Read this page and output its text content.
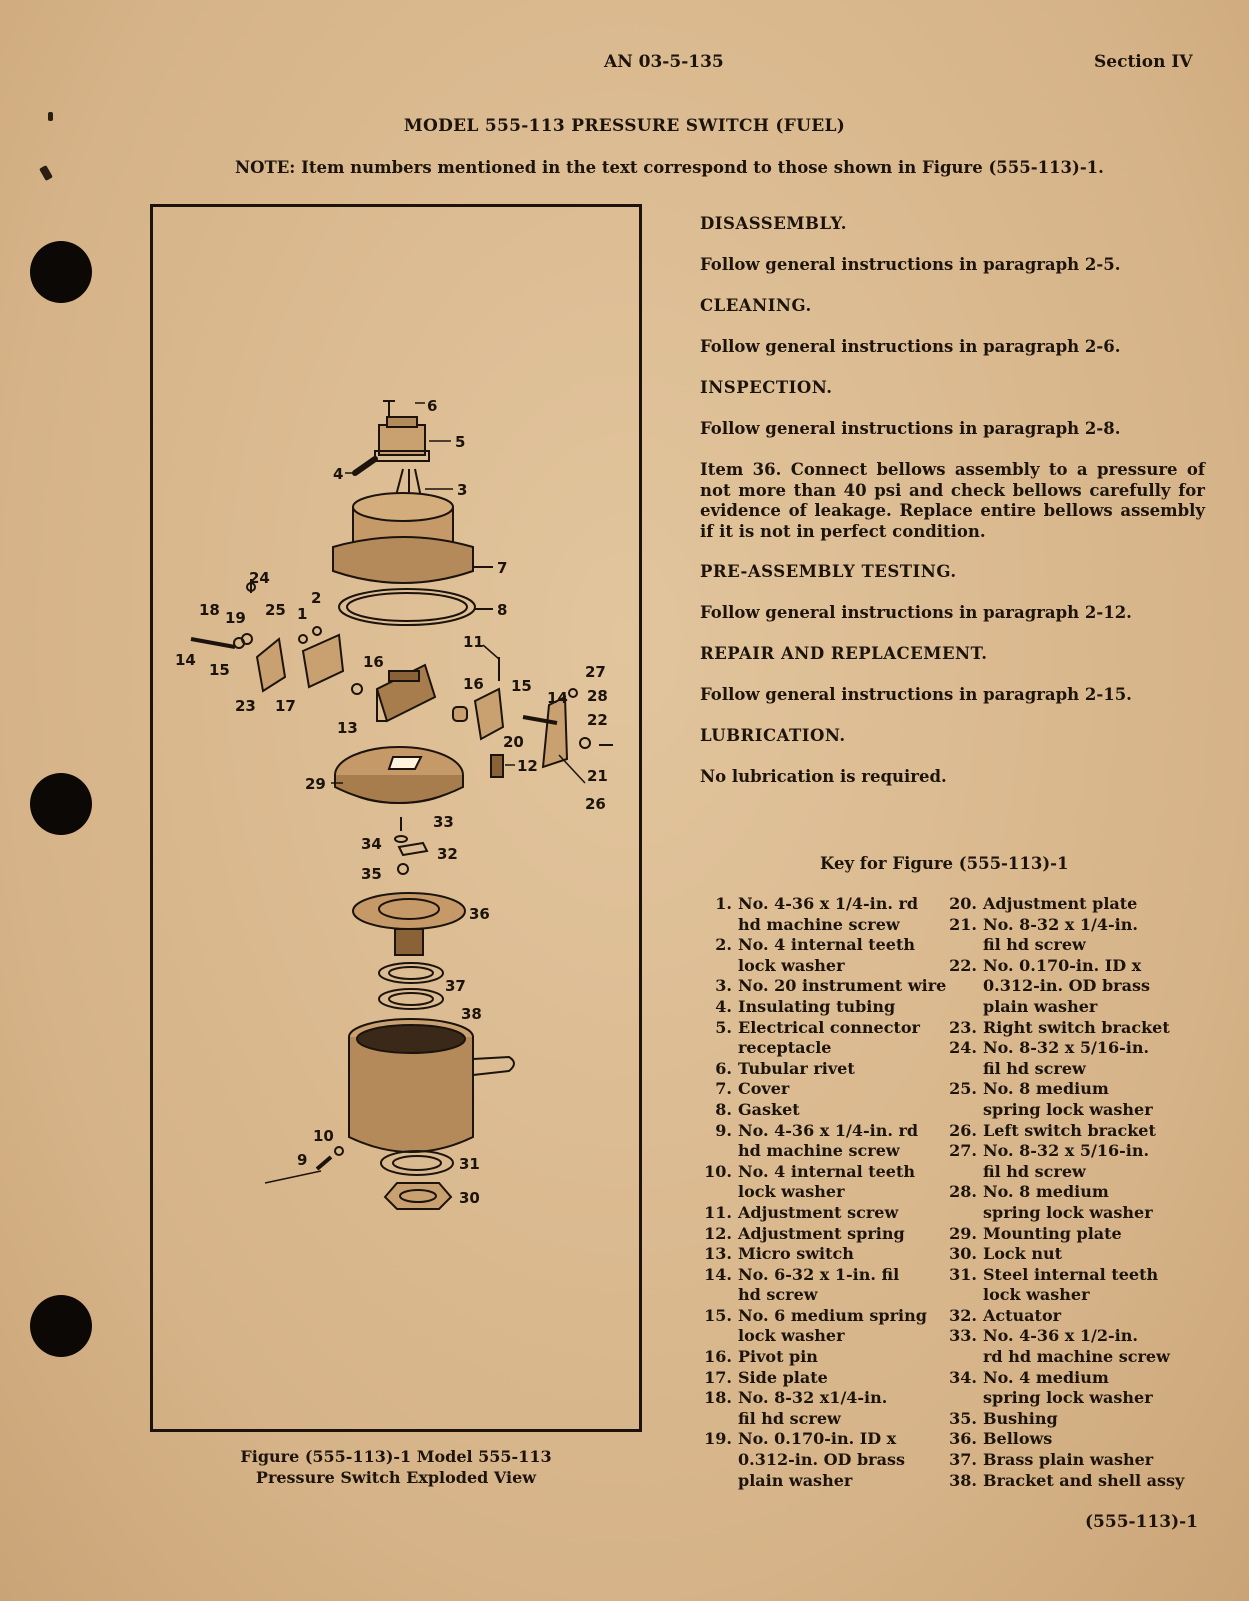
AN 03-5-135	Section IV
MODEL 555-113 PRESSURE SWITCH (FUEL)
NOTE: Item numbers mentioned in the text correspond to those shown in Figure (555-113)-1.
6
5
4
3
7
8
24
25
2
1
18 19
14
15
23 17
16
13
11
16 15
14
20
12
27
28
22
21
26
29
33
34
32
35
36
37
38
10
9	31
30
Figure (555-113)-1 Model 555-113
Pressure Switch Exploded View
DISASSEMBLY.
Follow general instructions in paragraph 2-5.
CLEANING.
Follow general instructions in paragraph 2-6.
INSPECTION.
Follow general instructions in paragraph 2-8.
Item 36. Connect bellows assembly to a pressure of not more than 40 psi and check bellows carefully for evidence of leakage. Replace entire bellows assembly if it is not in perfect condition.
PRE-ASSEMBLY TESTING.
Follow general instructions in paragraph 2-12.
REPAIR AND REPLACEMENT.
Follow general instructions in paragraph 2-15.
LUBRICATION.
No lubrication is required.
Key for Figure (555-113)-1
1. No. 4-36 x 1/4-in. rd
hd machine screw
2. No. 4 internal teeth
lock washer
3. No. 20 instrument wire
4. Insulating tubing
5. Electrical connector
receptacle
6. Tubular rivet
7. Cover
8. Gasket
9. No. 4-36 x 1/4-in. rd
hd machine screw
10. No. 4 internal teeth
lock washer
11. Adjustment screw
12. Adjustment spring
13. Micro switch
14. No. 6-32 x 1-in. fil
hd screw
15. No. 6 medium spring
lock washer
16. Pivot pin
17. Side plate
18. No. 8-32 x1/4-in.
fil hd screw
19. No. 0.170-in. ID x
0.312-in. OD brass
plain washer
20. Adjustment plate
21. No. 8-32 x 1/4-in.
fil hd screw
22. No. 0.170-in. ID x
0.312-in. OD brass
plain washer
23. Right switch bracket
24. No. 8-32 x 5/16-in.
fil hd screw
25. No. 8 medium
spring lock washer
26. Left switch bracket
27. No. 8-32 x 5/16-in.
fil hd screw
28. No. 8 medium
spring lock washer
29. Mounting plate
30. Lock nut
31. Steel internal teeth
lock washer
32. Actuator
33. No. 4-36 x 1/2-in.
rd hd machine screw
34. No. 4 medium
spring lock washer
35. Bushing
36. Bellows
37. Brass plain washer
38. Bracket and shell assy
(555-113)-1
